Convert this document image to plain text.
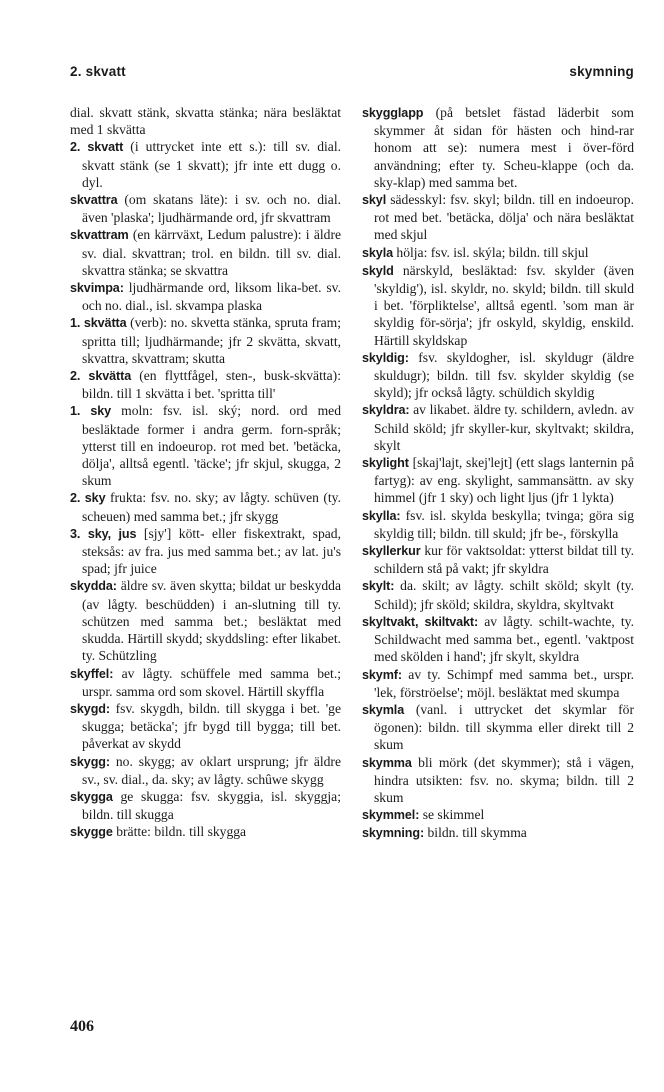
2. skvatt	skymning
dial. skvatt stänk, skvatta stänka; nära besläktat med 1 skvätta
2. skvatt (i uttrycket inte ett s.): till sv. dial. skvatt stänk (se 1 skvatt); jfr inte ett dugg o. dyl.
skvattra (om skatans läte): i sv. och no. dial. även 'plaska'; ljudhärmande ord, jfr skvattram
skvattram (en kärrväxt, Ledum palustre): i äldre sv. dial. skvattran; trol. en bildn. till sv. dial. skvattra stänka; se skvattra
skvimpa: ljudhärmande ord, liksom lika-bet. sv. och no. dial., isl. skvampa plaska
1. skvätta (verb): no. skvetta stänka, spruta fram; spritta till; ljudhärmande; jfr 2 skvätta, skvatt, skvattra, skvattram; skutta
2. skvätta (en flyttfågel, sten-, busk-skvätta): bildn. till 1 skvätta i bet. 'spritta till'
1. sky moln: fsv. isl. ský; nord. ord med besläktade former i andra germ. forn-språk; ytterst till en indoeurop. rot med bet. 'betäcka, dölja', alltså egentl. 'täcke'; jfr skjul, skugga, 2 skum
2. sky frukta: fsv. no. sky; av lågty. schüven (ty. scheuen) med samma bet.; jfr skygg
3. sky, jus [sjy'] kött- eller fiskextrakt, spad, steksås: av fra. jus med samma bet.; av lat. ju's spad; jfr juice
skydda: äldre sv. även skytta; bildat ur beskydda (av lågty. beschüdden) i an-slutning till ty. schützen med samma bet.; besläktat med skudda. Härtill skydd; skyddsling: efter likabet. ty. Schützling
skyffel: av lågty. schüffele med samma bet.; urspr. samma ord som skovel. Härtill skyffla
skygd: fsv. skygdh, bildn. till skygga i bet. 'ge skugga; betäcka'; jfr bygd till bygga; till bet. påverkat av skydd
skygg: no. skygg; av oklart ursprung; jfr äldre sv., sv. dial., da. sky; av lågty. schûwe skygg
skygga ge skugga: fsv. skyggia, isl. skyggja; bildn. till skugga
skygge brätte: bildn. till skygga
skygglapp (på betslet fästad läderbit som skymmer åt sidan för hästen och hind-rar honom att se): numera mest i över-förd användning; efter ty. Scheu-klappe (och da. sky-klap) med samma bet.
skyl sädesskyl: fsv. skyl; bildn. till en indoeurop. rot med bet. 'betäcka, dölja' och nära besläktat med skjul
skyla hölja: fsv. isl. skýla; bildn. till skjul
skyld närskyld, besläktad: fsv. skylder (även 'skyldig'), isl. skyldr, no. skyld; bildn. till skuld i bet. 'förpliktelse', alltså egentl. 'som man är skyldig för-sörja'; jfr oskyld, skyldig, enskild. Härtill skyldskap
skyldig: fsv. skyldogher, isl. skyldugr (äldre skuldugr); bildn. till fsv. skylder skyldig (se skyld); jfr också lågty. schüldich skyldig
skyldra: av likabet. äldre ty. schildern, avledn. av Schild sköld; jfr skyller-kur, skyltvakt; skildra, skylt
skylight [skaj'lajt, skej'lejt] (ett slags lanternin på fartyg): av eng. skylight, sammansättn. av sky himmel (jfr 1 sky) och light ljus (jfr 1 lykta)
skylla: fsv. isl. skylda beskylla; tvinga; göra sig skyldig till; bildn. till skuld; jfr be-, förskylla
skyllerkur kur för vaktsoldat: ytterst bildat till ty. schildern stå på vakt; jfr skyldra
skylt: da. skilt; av lågty. schilt sköld; skylt (ty. Schild); jfr sköld; skildra, skyldra, skyltvakt
skyltvakt, skiltvakt: av lågty. schilt-wachte, ty. Schildwacht med samma bet., egentl. 'vaktpost med skölden i hand'; jfr skylt, skyldra
skymf: av ty. Schimpf med samma bet., urspr. 'lek, förströelse'; möjl. besläktat med skumpa
skymla (vanl. i uttrycket det skymlar för ögonen): bildn. till skymma eller direkt till 2 skum
skymma bli mörk (det skymmer); stå i vägen, hindra utsikten: fsv. no. skyma; bildn. till 2 skum
skymmel: se skimmel
skymning: bildn. till skymma
406
